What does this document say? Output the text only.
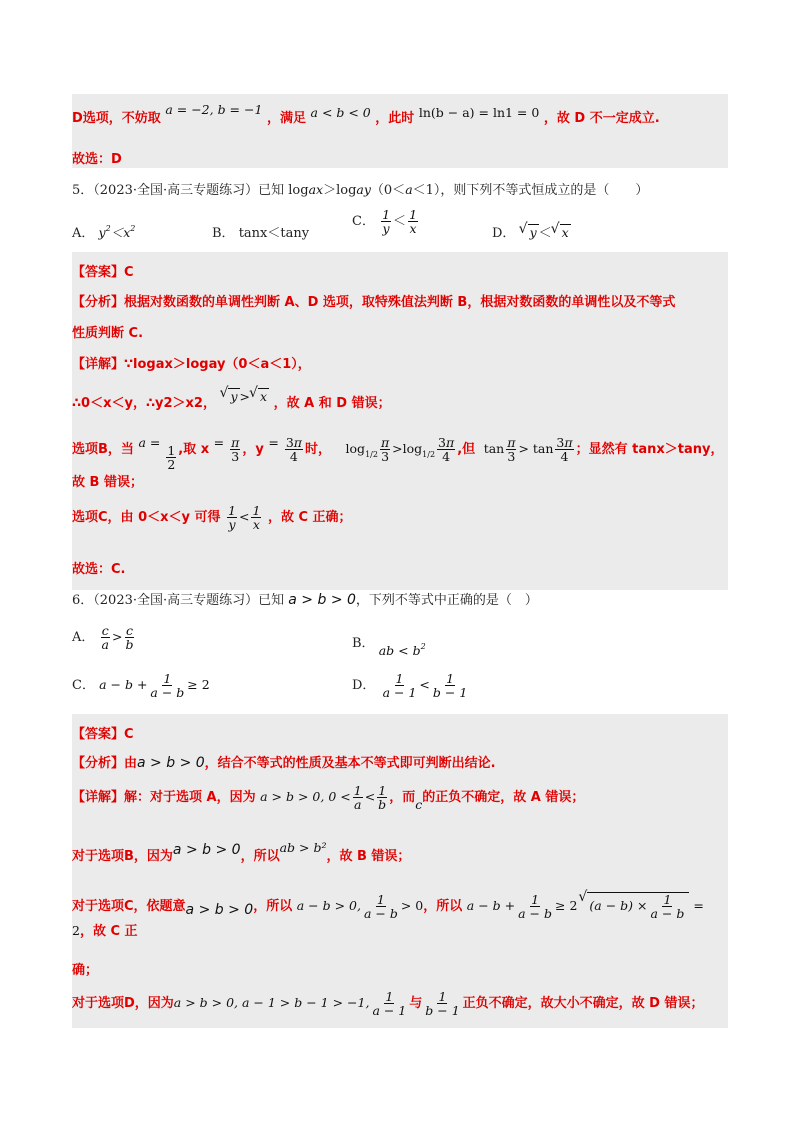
D选项，不妨取 a = −2, b = −1 ，满足 a < b < 0 ，此时 ln(b − a) = ln1 = 0 ，故 D 不一定成立.
故选：D
5．（2023·全国·高三专题练习）已知 logax＞logay（0＜a＜1），则下列不等式恒成立的是（　　）
A． $y^2<x^2$	B． tanx＜tany
C． $\frac{1}{y} < \frac{1}{x}$	D． √ y ＜√ x
【答案】C
【分析】根据对数函数的单调性判断 A、D 选项，取特殊值法判断 B，根据对数函数的单调性以及不等式
性质判断 C.
【详解】∵logax＞logay（0＜a＜1），
∴0＜x＜y，∴y2＞x2， √ y >√ x ，故 A 和 D 错误；
选项B，当 a =
$\frac{1}{2}$ ,取 $x = \frac{\pi}{3}$ ，$y = \frac{3\pi}{4}$ 时， $\log_{1/2} \frac{\pi}{3} >\log_{1/2} \frac{3\pi}{4}$ ,但 $\tan \frac{\pi}{3} > \tan \frac{3\pi}{4}$ ；显然有 tanx＞tany，故 B 错误；
选项C，由 0＜x＜y 可得 $\frac{1}{y} < \frac{1}{x}$ ，故 C 正确；
故选：C.
6．（2023·全国·高三专题练习）已知 a > b > 0，下列不等式中正确的是（　）
A． $\frac{c}{a} > \frac{c}{b}$	B． ab < $b^2$
C． $a - b + \frac{1}{a - b} \ge 2$	D． $\frac{1}{a - 1} < \frac{1}{b - 1}$
【答案】C
【分析】由a > b > 0，结合不等式的性质及基本不等式即可判断出结论.
【详解】解：对于选项 A，因为 a > b > 0, $0 < \frac{1}{a} < \frac{1}{b}$ ，而c的正负不确定，故 A 错误；
对于选项B，因为a > b > 0，所以ab > b²，故 B 错误；
对于选项C，依题意a > b > 0，所以 a − b > 0, $\frac{1}{a - b} > 0$，所以 $a - b + \frac{1}{a - b} \ge 2√$ $(a - b) \times \frac{1}{a - b} = 2$，故 C 正
确；
对于选项D，因为a > b > 0, a − 1 > b − 1 > −1, $\frac{1}{a - 1}$ 与 $\frac{1}{b - 1}$ 正负不确定，故大小不确定，故 D 错误；
